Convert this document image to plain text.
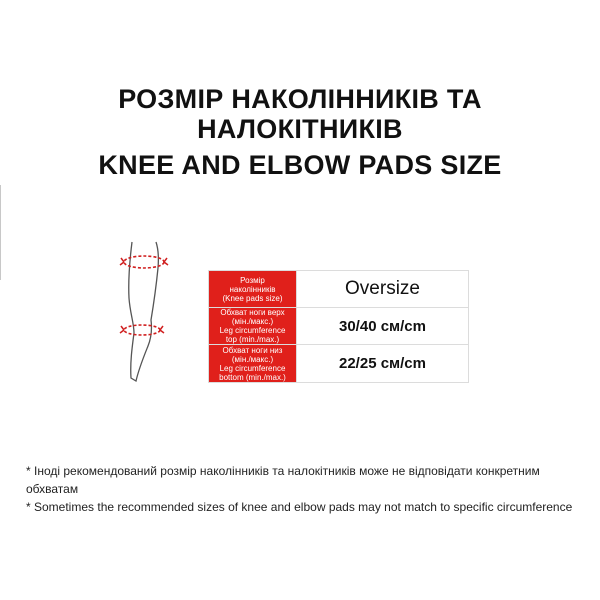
РОЗМІР НАКОЛІННИКІВ ТА НАЛОКІТНИКІВ
KNEE AND ELBOW PADS SIZE
Розмір
наколінників
(Knee pads size)	Oversize

Обхват ноги верх
(мін./макс.)
Leg circumference
top (min./max.)	30/40 см/cm

Обхват ноги низ
(мін./макс.)
Leg circumference
bottom (min./max.)	22/25 см/cm
* Іноді рекомендований розмір наколінників та налокітників може не відповідати конкретним обхватам
* Sometimes the recommended sizes of knee and elbow pads may not match to specific circumference
